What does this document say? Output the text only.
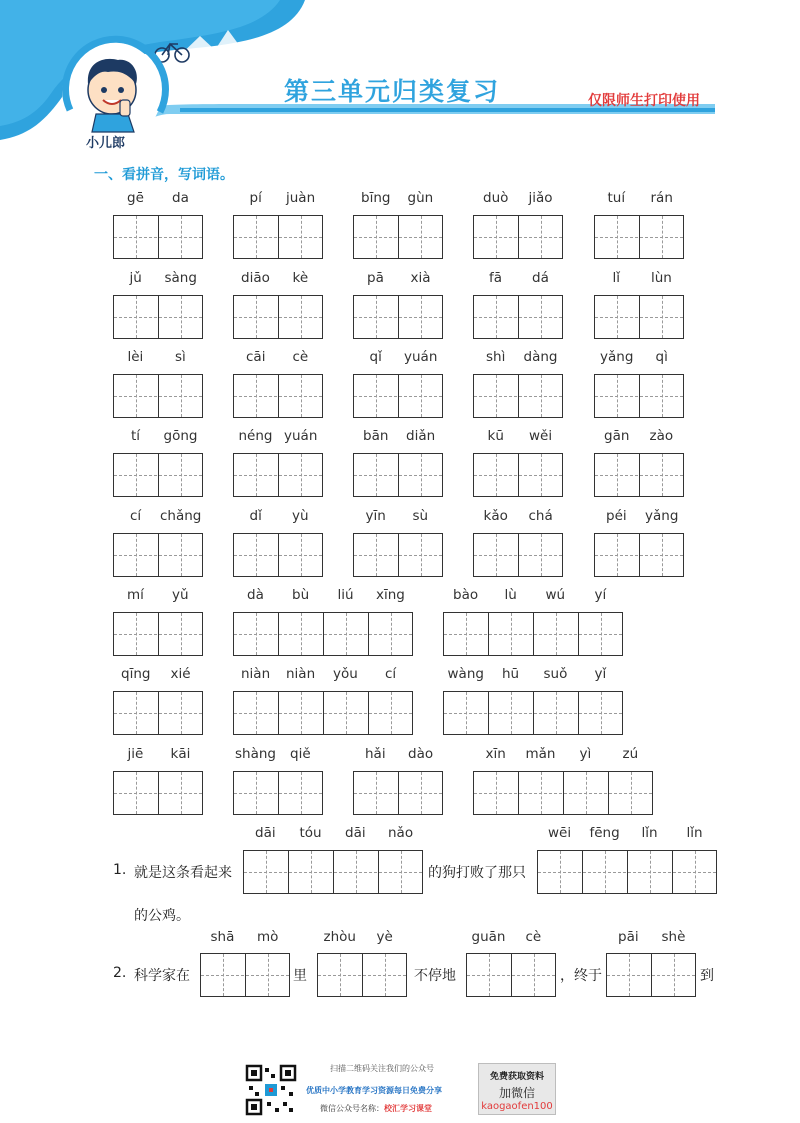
第三单元归类复习	仅限师生打印使用
小儿郎
一、看拼音，写词语。
扫描二维码关注我们的公众号
优质中小学教育学习资源每日免费分享
微信公众号名称：校汇学习课堂
免费获取资料
加微信
kaogaofen100
gē da	pí juàn	bīng gùn	duò jiǎo	tuí rán
jǔ sàng	diāo kè	pā xià	fā dá	lǐ lùn
lèi sì	cāi cè	qǐ yuán	shì dàng	yǎng qì
tí gōng	néng yuán	bān diǎn	kū wěi	gān zào
cí chǎng	dǐ yù	yīn sù	kǎo chá	péi yǎng
mí yǔ	dà bù liú xīng	bào lù wú yí
qīng xié	niàn niàn yǒu cí	wàng hū suǒ yǐ
jiē kāi	shàng qiě	hǎi dào	xīn mǎn yì zú
1. 就是这条看起来
dāi tóu dāi nǎo
的狗打败了那只
wēi fēng lǐn lǐn
的公鸡。
2. 科学家在
shā mò	zhòu yè	guān cè	pāi shè
里	不停地	，终于	到
